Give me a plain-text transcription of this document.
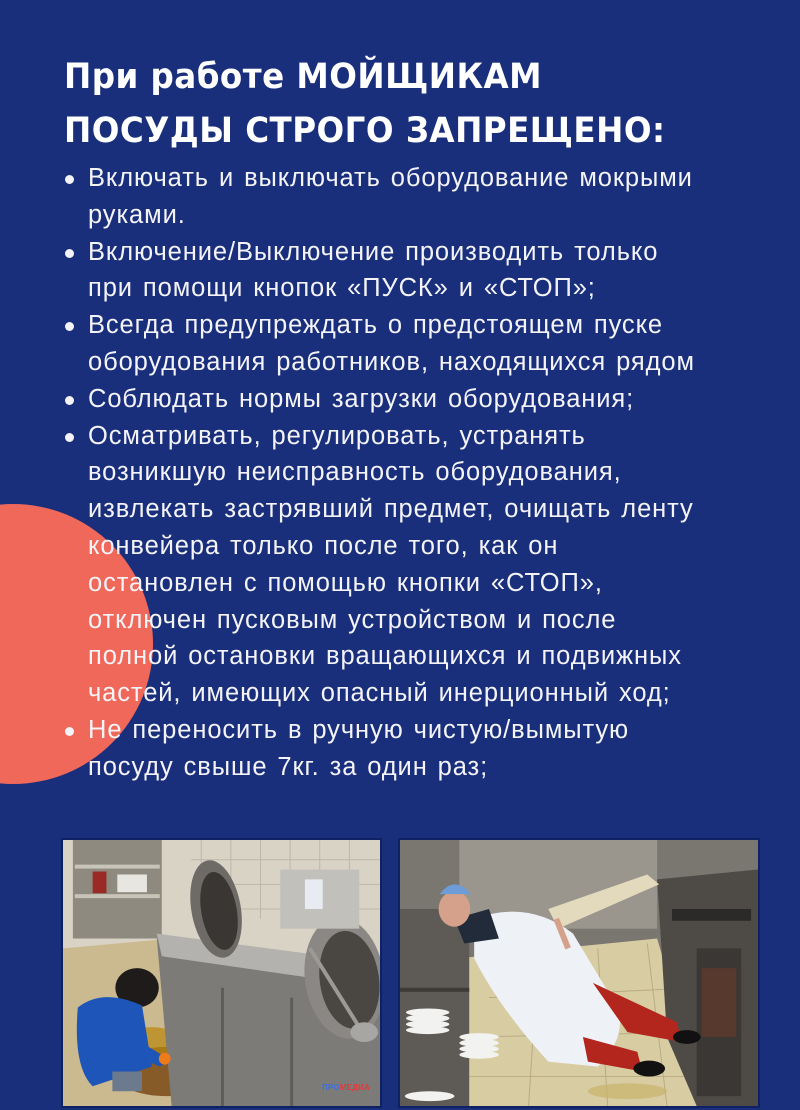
При работе МОЙЩИКАМ
ПОСУДЫ СТРОГО ЗАПРЕЩЕНО:
Включать и выключать оборудование мокрыми
руками.
Включение/Выключение производить только
при помощи кнопок «ПУСК» и «СТОП»;
Всегда предупреждать о предстоящем пуске
оборудования работников, находящихся рядом
Соблюдать нормы загрузки оборудования;
Осматривать, регулировать, устранять
возникшую неисправность оборудования,
извлекать застрявший предмет, очищать ленту
конвейера только после того, как он
остановлен с помощью кнопки «СТОП»,
отключен пусковым устройством и после
полной остановки вращающихся и подвижных
частей, имеющих опасный инерционный ход;
Не переносить в ручную чистую/вымытую
посуду свыше 7кг. за один раз;
ПРОМЕДИА
